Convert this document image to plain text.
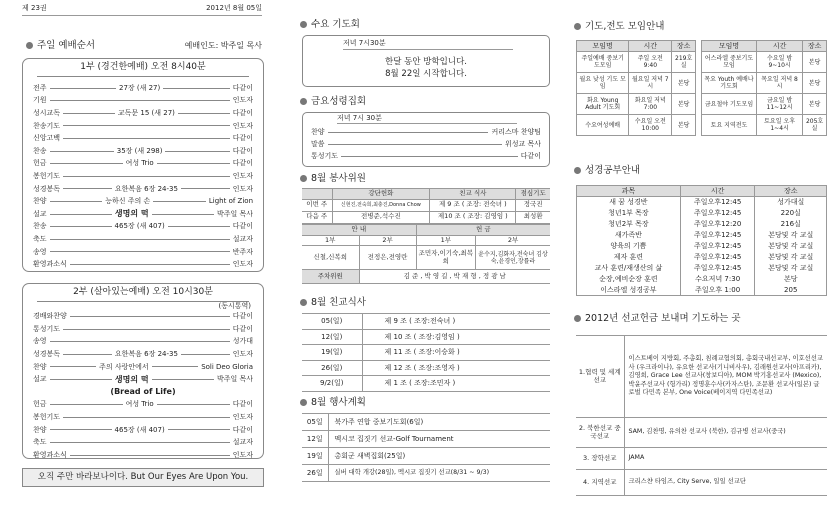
제 23권	2012년 8월 05일
주일 예배순서	예배인도: 박주일 목사
1부 (경건한예배) 오전 8시40분
전주	27장 (새 27)	다같이
기원	인도자
성시교독	교독문 15 (새 27)	다같이
찬송기도	인도자
신앙고백	다같이
찬송	35장 (새 298)	다같이
헌금	여성 Trio	다같이
봉헌기도	인도자
성경봉독	요한복음 6장 24-35	인도자
찬양	능하신 주의 손	Light of Zion
설교	생명의 떡	박주일 목사
찬송	465장 (새 407)	다같이
축도	설교자
송영	반주자
환영과소식	인도자
2부 (살아있는예배) 오전 10시30분
(동시통역)
경배와찬양	다같이
통성기도	다같이
송영	성가대
성경봉독	요한복음 6장 24-35	인도자
찬양	주의 사랑안에서	Soli Deo Gloria
설교	생명의 떡	박주일 목사
(Bread of Life)
헌금	여성 Trio	다같이
봉헌기도	인도자
찬양	465장 (새 407)	다같이
축도	설교자
환영과소식	인도자
오직 주만 바라보나이다. But Our Eyes Are Upon You.
수요 기도회
저녁 7시30분
한달 동안 방학입니다.
8월 22일 시작합니다.
금요성령집회
저녁 7시 30분
찬양	커리스마 찬양팀
말씀	위성교 목사
통성기도	다같이
8월 봉사위원
	강단헌화	친교 식사	점심기도
이번 주	신현진,전숙희,최충진,Donna Chow	제 9 조 ( 조장: 전숙녀 )	정국진
다음 주	전병준,석수진	제10 조 ( 조장: 김영임 )	최성환
안 내		헌 금	
1부	2부	1부	2부
신철,신복희	전정은,전영란	조민자,이기숙,최복희	윤수지,김화자,전숙녀 김상숙,윤경인,장률라
주차위원	김 준 , 박 영 길 , 박 재 형 , 정 광 남		
8월 친교식사
05(일)	제 9 조 ( 조장:전숙녀 )
12(일)	제 10 조 ( 조장:김영임 )
19(일)	제 11 조 ( 조장:이승화 )
26(일)	제 12 조 ( 조장:조영자 )
9/2(일)	제 1 조 ( 조장:조민자 )
8월 행사계획
05일	북가주 연합 중보기도회(6일)
12일	멕시코 집짓기 선교-Golf Tournament
19일	총회군 새벽집회(25일)
26일	실버 대학 개강(28일), 멕시코 집짓기 선교(8/31 ~ 9/3)
기도,전도 모임안내
모임명	시간	장소
주일예배 중보기도모임	주일 오전 9:40	219호실
월요 낮성 기도 모임	월요일 저녁 7시	본당
화요 Young Adult 기도회	화요일 저녁7:00	본당
수요여성예배	수요일 오전 10:00	본당
모임명	시간	장소
어스라엘 중보기도모임	수요일 밤 9~10시	본당
목요 Youth 예배나 기도회	목요일 저녁 8시	본당
금요철야 기도모임	금요일 밤 11~12시	본당
토요 지역전도	토요일 오후 1~4시	205호실
성경공부안내
과목	시간	장소
새 꿈 성경반	주일오후12:45	성가대실
청년1부 목장	주일오후12:45	220실
청년2부 목장	주일오후12:20	216실
새가족반	주일오후12:45	본당및 각 교실
양육의 기쁨	주일오후12:45	본당및 각 교실
제자 훈련	주일오후12:45	본당및 각 교실
교사 훈련/재생산의 삶	주일오후12:45	본당및 각 교실
순장,예비순장 훈련	수요저녁 7:30	본당
이스라엘 성경공부	주일오후 1:00	205
2012년 선교헌금 보내며 기도하는 곳
1.협력 및 세계선교	이스트베이 지방회, 주총회, 침례교협의회, 총회국내선교부, 이호선선교사 (우크라이나), 유요한 선교사(기니비사우), 김래원선교사(아프리카), 김영희, Grace Lee 선교사(창보디아), MOM 박기홍선교사 (Mexico), 박윤주선교사 (헝가리) 정명훈수사(카자스탄), 조문환 선교사(일본) 글로벌 다민족 본부, One Voice(베이지역 다민족선교)
2. 북한선교 중국선교	SAM, 김찬명, 유의찬 선교사 (북한), 김규병 선교사(중국)
3. 장학선교	JAMA
4. 지역선교	크리스챤 타임즈, City Serve, 일일 선교단
